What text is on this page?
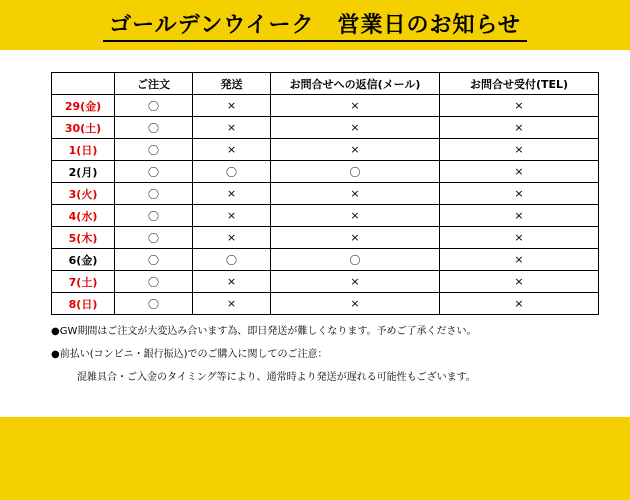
ゴールデンウイーク　営業日のお知らせ
	ご注文	発送	お問合せへの返信(メール)	お問合せ受付(TEL)
29(金)	〇	×	×	×
30(土)	〇	×	×	×
1(日)	〇	×	×	×
2(月)	〇	〇	〇	×
3(火)	〇	×	×	×
4(水)	〇	×	×	×
5(木)	〇	×	×	×
6(金)	〇	〇	〇	×
7(土)	〇	×	×	×
8(日)	〇	×	×	×

●GW期間はご注文が大変込み合います為、即日発送が難しくなります。予めご了承ください。

●前払い(コンビニ・銀行振込)でのご購入に関してのご注意：

混雑具合・ご入金のタイミング等により、通常時より発送が遅れる可能性もございます。
